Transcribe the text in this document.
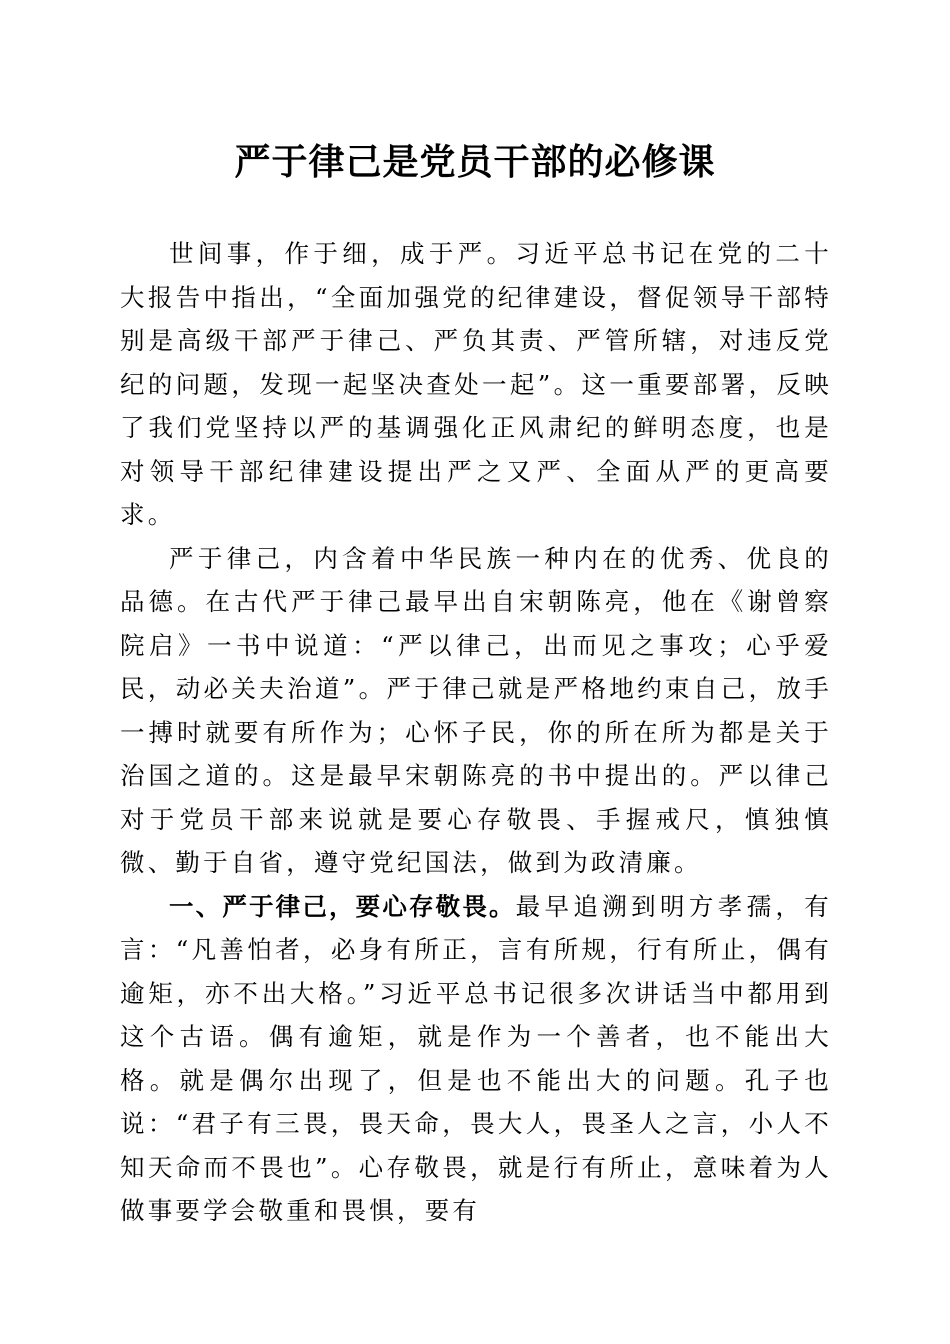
严于律己是党员干部的必修课

世间事，作于细，成于严。习近平总书记在党的二十大报告中指出，“全面加强党的纪律建设，督促领导干部特别是高级干部严于律己、严负其责、严管所辖，对违反党纪的问题，发现一起坚决查处一起”。这一重要部署，反映了我们党坚持以严的基调强化正风肃纪的鲜明态度，也是对领导干部纪律建设提出严之又严、全面从严的更高要求。

严于律己，内含着中华民族一种内在的优秀、优良的品德。在古代严于律己最早出自宋朝陈亮，他在《谢曾察院启》一书中说道：“严以律己，出而见之事攻；心乎爱民，动必关夫治道”。严于律己就是严格地约束自己，放手一搏时就要有所作为；心怀子民，你的所在所为都是关于治国之道的。这是最早宋朝陈亮的书中提出的。严以律己对于党员干部来说就是要心存敬畏、手握戒尺，慎独慎微、勤于自省，遵守党纪国法，做到为政清廉。

一、严于律己，要心存敬畏。最早追溯到明方孝孺，有言：“凡善怕者，必身有所正，言有所规，行有所止，偶有逾矩，亦不出大格。”习近平总书记很多次讲话当中都用到这个古语。偶有逾矩，就是作为一个善者，也不能出大格。就是偶尔出现了，但是也不能出大的问题。孔子也说：“君子有三畏，畏天命，畏大人，畏圣人之言，小人不知天命而不畏也”。心存敬畏，就是行有所止，意味着为人做事要学会敬重和畏惧，要有
